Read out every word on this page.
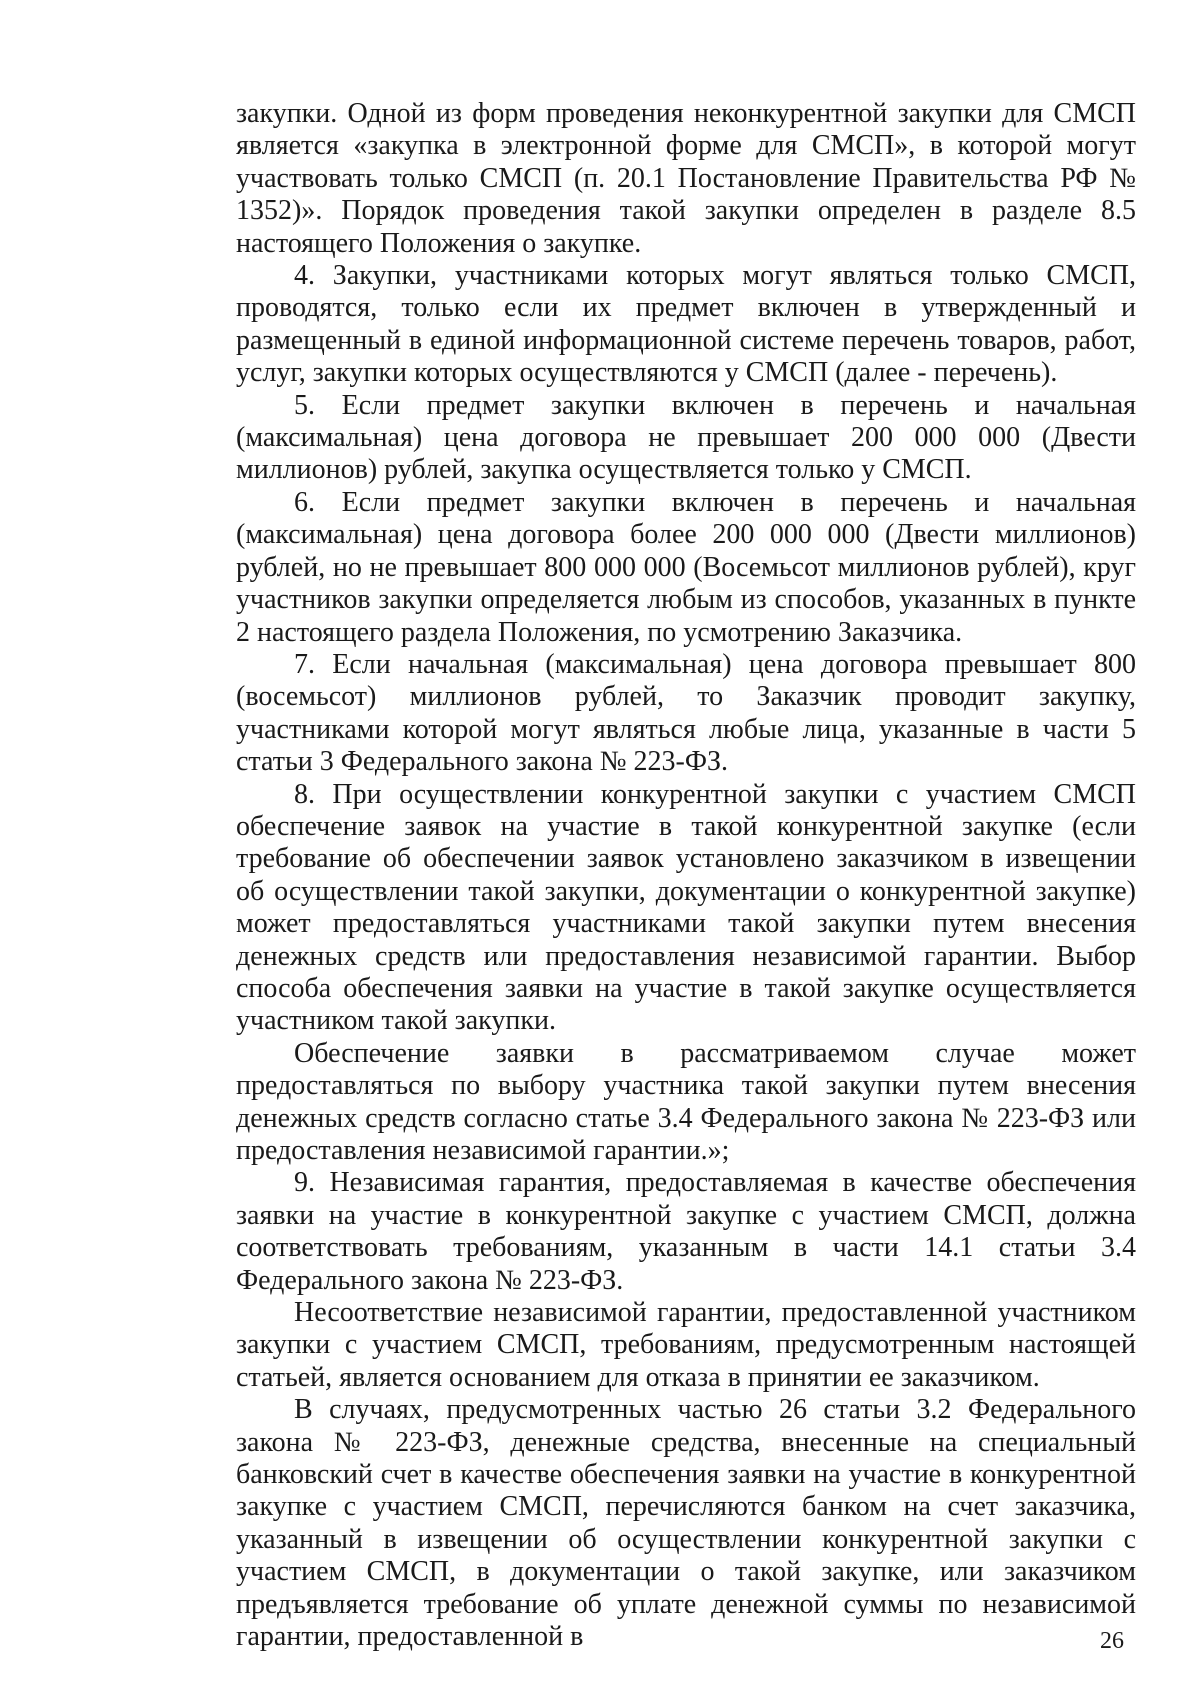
закупки. Одной из форм проведения неконкурентной закупки для СМСП является «закупка в электронной форме для СМСП», в которой могут участвовать только СМСП (п. 20.1 Постановление Правительства РФ № 1352)». Порядок проведения такой закупки определен в разделе 8.5 настоящего Положения о закупке.

4. Закупки, участниками которых могут являться только СМСП, проводятся, только если их предмет включен в утвержденный и размещенный в единой информационной системе перечень товаров, работ, услуг, закупки которых осуществляются у СМСП (далее - перечень).

5. Если предмет закупки включен в перечень и начальная (максимальная) цена договора не превышает 200 000 000 (Двести миллионов) рублей, закупка осуществляется только у СМСП.

6. Если предмет закупки включен в перечень и начальная (максимальная) цена договора более 200 000 000 (Двести миллионов) рублей, но не превышает 800 000 000 (Восемьсот миллионов рублей), круг участников закупки определяется любым из способов, указанных в пункте 2 настоящего раздела Положения, по усмотрению Заказчика.

7. Если начальная (максимальная) цена договора превышает 800 (восемьсот) миллионов рублей, то Заказчик проводит закупку, участниками которой могут являться любые лица, указанные в части 5 статьи 3 Федерального закона № 223-ФЗ.

8. При осуществлении конкурентной закупки с участием СМСП обеспечение заявок на участие в такой конкурентной закупке (если требование об обеспечении заявок установлено заказчиком в извещении об осуществлении такой закупки, документации о конкурентной закупке) может предоставляться участниками такой закупки путем внесения денежных средств или предоставления независимой гарантии. Выбор способа обеспечения заявки на участие в такой закупке осуществляется участником такой закупки.

Обеспечение заявки в рассматриваемом случае может предоставляться по выбору участника такой закупки путем внесения денежных средств согласно статье 3.4 Федерального закона № 223-ФЗ или предоставления независимой гарантии.»;

9. Независимая гарантия, предоставляемая в качестве обеспечения заявки на участие в конкурентной закупке с участием СМСП, должна соответствовать требованиям, указанным в части 14.1 статьи 3.4 Федерального закона № 223-ФЗ.

Несоответствие независимой гарантии, предоставленной участником закупки с участием СМСП, требованиям, предусмотренным настоящей статьей, является основанием для отказа в принятии ее заказчиком.

В случаях, предусмотренных частью 26 статьи 3.2 Федерального закона № 223-ФЗ, денежные средства, внесенные на специальный банковский счет в качестве обеспечения заявки на участие в конкурентной закупке с участием СМСП, перечисляются банком на счет заказчика, указанный в извещении об осуществлении конкурентной закупки с участием СМСП, в документации о такой закупке, или заказчиком предъявляется требование об уплате денежной суммы по независимой гарантии, предоставленной в	26
